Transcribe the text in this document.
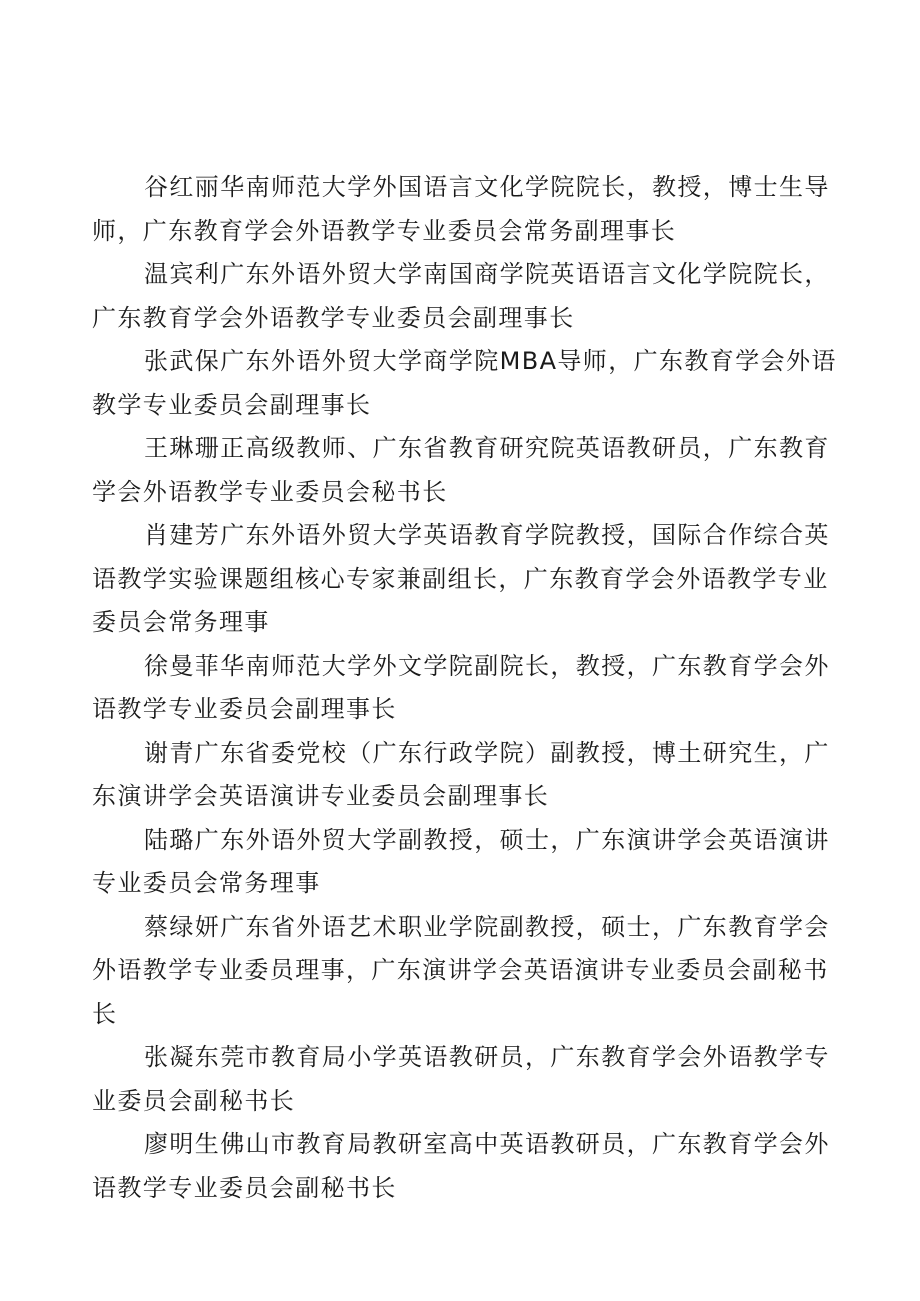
谷红丽华南师范大学外国语言文化学院院长，教授，博士生导师，广东教育学会外语教学专业委员会常务副理事长

温宾利广东外语外贸大学南国商学院英语语言文化学院院长，广东教育学会外语教学专业委员会副理事长

张武保广东外语外贸大学商学院MBA导师，广东教育学会外语教学专业委员会副理事长

王琳珊正高级教师、广东省教育研究院英语教研员，广东教育学会外语教学专业委员会秘书长

肖建芳广东外语外贸大学英语教育学院教授，国际合作综合英语教学实验课题组核心专家兼副组长，广东教育学会外语教学专业委员会常务理事

徐曼菲华南师范大学外文学院副院长，教授，广东教育学会外语教学专业委员会副理事长

谢青广东省委党校（广东行政学院）副教授，博土研究生，广东演讲学会英语演讲专业委员会副理事长

陆璐广东外语外贸大学副教授，硕士，广东演讲学会英语演讲专业委员会常务理事

蔡绿妍广东省外语艺术职业学院副教授，硕士，广东教育学会外语教学专业委员理事，广东演讲学会英语演讲专业委员会副秘书长

张凝东莞市教育局小学英语教研员，广东教育学会外语教学专业委员会副秘书长

廖明生佛山市教育局教研室高中英语教研员，广东教育学会外语教学专业委员会副秘书长
